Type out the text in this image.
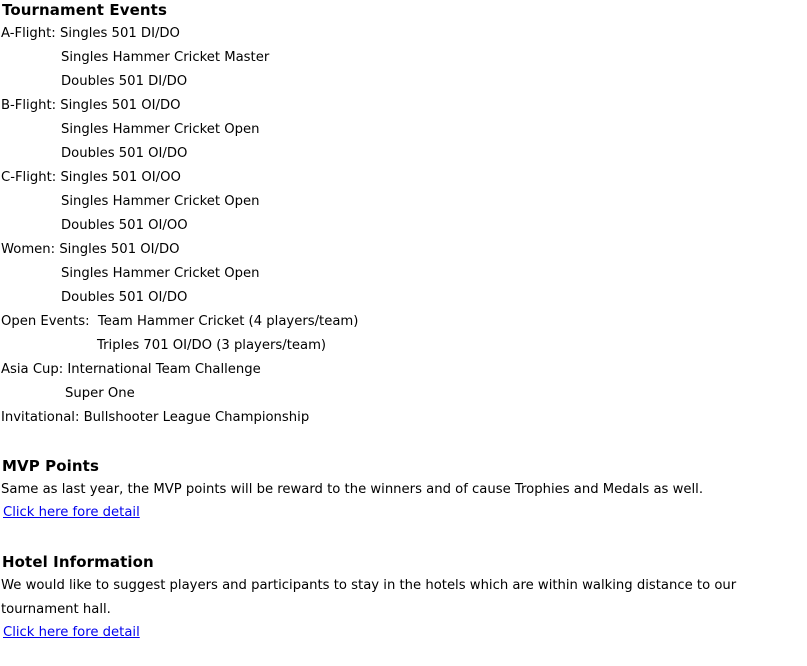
Tournament Events
A-Flight: Singles 501 DI/DO
Singles Hammer Cricket Master
Doubles 501 DI/DO
B-Flight: Singles 501 OI/DO
Singles Hammer Cricket Open
Doubles 501 OI/DO
C-Flight: Singles 501 OI/OO
Singles Hammer Cricket Open
Doubles 501 OI/OO
Women: Singles 501 OI/DO
Singles Hammer Cricket Open
Doubles 501 OI/DO
Open Events: Team Hammer Cricket (4 players/team)
Triples 701 OI/DO (3 players/team)
Asia Cup: International Team Challenge
Super One
Invitational: Bullshooter League Championship
MVP Points
Same as last year, the MVP points will be reward to the winners and of cause Trophies and Medals as well.
Click here fore detail
Hotel Information
We would like to suggest players and participants to stay in the hotels which are within walking distance to our tournament hall.
Click here fore detail
